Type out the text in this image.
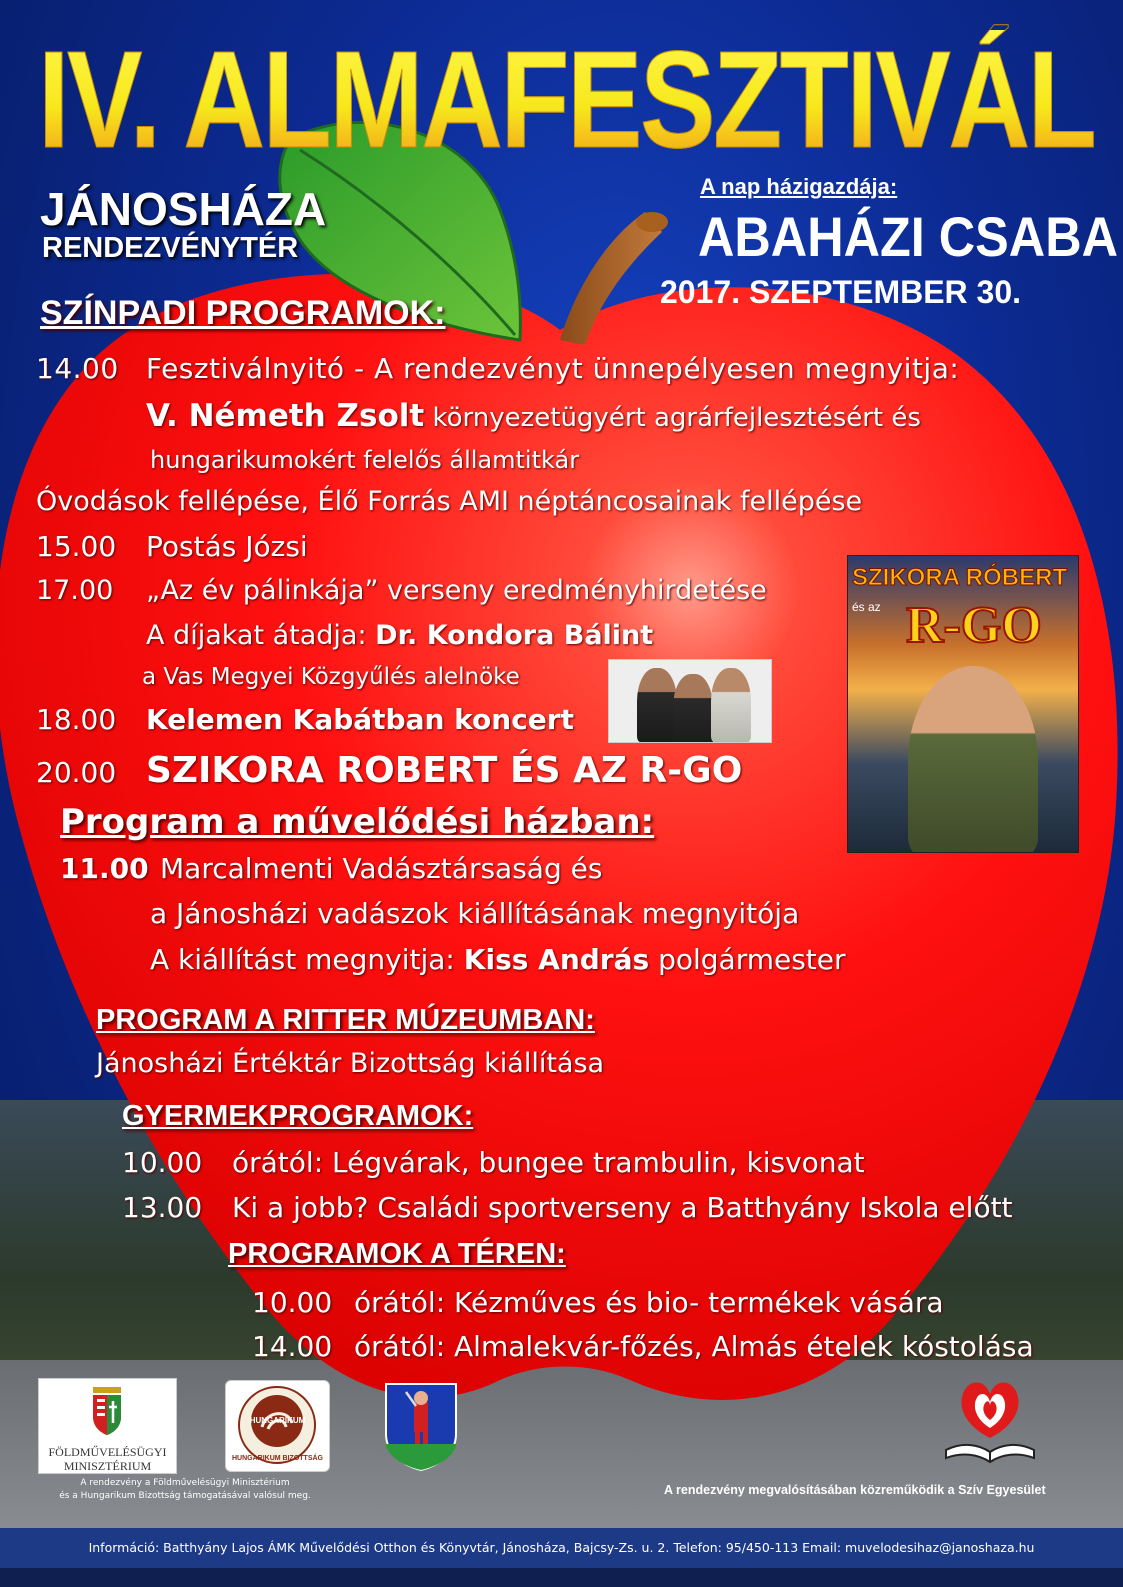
IV. ALMAFESZTIVÁL
JÁNOSHÁZA
RENDEZVÉNYTÉR
A nap házigazdája:
ABAHÁZI CSABA
2017. SZEPTEMBER 30.
SZÍNPADI PROGRAMOK:
14.00 Fesztiválnyitó - A rendezvényt ünnepélyesen megnyitja:
V. Németh Zsolt környezetügyért agrárfejlesztésért és
hungarikumokért felelős államtitkár
Óvodások fellépése, Élő Forrás AMI néptáncosainak fellépése
15.00 Postás Józsi
17.00 „Az év pálinkája” verseny eredményhirdetése
A díjakat átadja: Dr. Kondora Bálint
a Vas Megyei Közgyűlés alelnöke
18.00 Kelemen Kabátban koncert
20.00 SZIKORA ROBERT ÉS AZ R-GO
Program a művelődési házban:
11.00 Marcalmenti Vadásztársaság és
a Jánosházi vadászok kiállításának megnyitója
A kiállítást megnyitja: Kiss András polgármester
PROGRAM A RITTER MÚZEUMBAN:
Jánosházi Értéktár Bizottság kiállítása
GYERMEKPROGRAMOK:
10.00 órától: Légvárak, bungee trambulin, kisvonat
13.00 Ki a jobb? Családi sportverseny a Batthyány Iskola előtt
PROGRAMOK A TÉREN:
10.00 órától: Kézműves és bio- termékek vására
14.00 órától: Almalekvár-főzés, Almás ételek kóstolása
SZIKORA RÓBERT
és az R-GO
FÖLDMŰVELÉSÜGYI
MINISZTÉRIUM
A rendezvény a Földművelésügyi Minisztérium
és a Hungarikum Bizottság támogatásával valósul meg.
HUNGARIKUM
HUNGARIKUM BIZOTTSÁG
A rendezvény megvalósításában közreműködik a Szív Egyesület
Információ: Batthyány Lajos ÁMK Művelődési Otthon és Könyvtár, Jánosháza, Bajcsy-Zs. u. 2. Telefon: 95/450-113 Email: muvelodesihaz@janoshaza.hu
